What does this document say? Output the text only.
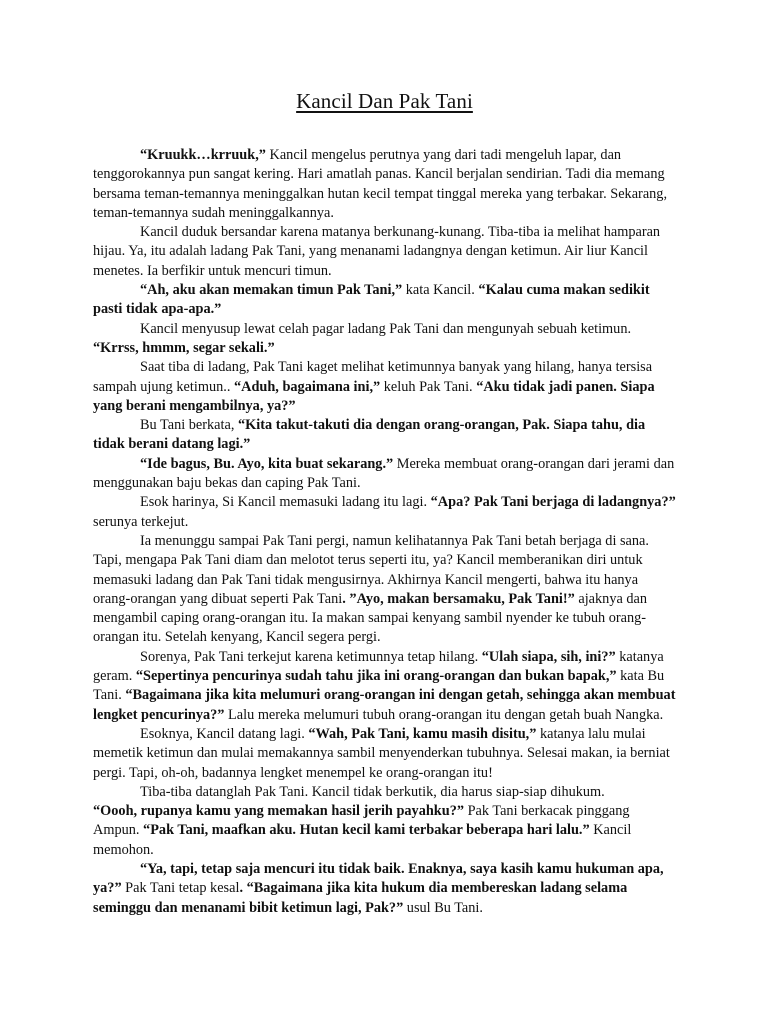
Kancil Dan Pak Tani

“Kruukk…krruuk,” Kancil mengelus perutnya yang dari tadi mengeluh lapar, dan tenggorokannya pun sangat kering. Hari amatlah panas. Kancil berjalan sendirian. Tadi dia memang bersama teman-temannya meninggalkan hutan kecil tempat tinggal mereka yang terbakar. Sekarang, teman-temannya sudah meninggalkannya.

Kancil duduk bersandar karena matanya berkunang-kunang. Tiba-tiba ia melihat hamparan hijau. Ya, itu adalah ladang Pak Tani, yang menanami ladangnya dengan ketimun. Air liur Kancil menetes. Ia berfikir untuk mencuri timun.

“Ah, aku akan memakan timun Pak Tani,” kata Kancil. “Kalau cuma makan sedikit pasti tidak apa-apa.”

Kancil menyusup lewat celah pagar ladang Pak Tani dan mengunyah sebuah ketimun. “Krrss, hmmm, segar sekali.”

Saat tiba di ladang, Pak Tani kaget melihat ketimunnya banyak yang hilang, hanya tersisa sampah ujung ketimun.. “Aduh, bagaimana ini,” keluh Pak Tani. “Aku tidak jadi panen. Siapa yang berani mengambilnya, ya?”

Bu Tani berkata, “Kita takut-takuti dia dengan orang-orangan, Pak. Siapa tahu, dia tidak berani datang lagi.”

“Ide bagus, Bu. Ayo, kita buat sekarang.” Mereka membuat orang-orangan dari jerami dan menggunakan baju bekas dan caping Pak Tani.

Esok harinya, Si Kancil memasuki ladang itu lagi. “Apa? Pak Tani berjaga di ladangnya?” serunya terkejut.

Ia menunggu sampai Pak Tani pergi, namun kelihatannya Pak Tani betah berjaga di sana. Tapi, mengapa Pak Tani diam dan melotot terus seperti itu, ya? Kancil memberanikan diri untuk memasuki ladang dan Pak Tani tidak mengusirnya. Akhirnya Kancil mengerti, bahwa itu hanya orang-orangan yang dibuat seperti Pak Tani. ”Ayo, makan bersamaku, Pak Tani!” ajaknya dan mengambil caping orang-orangan itu. Ia makan sampai kenyang sambil nyender ke tubuh orang-orangan itu. Setelah kenyang, Kancil segera pergi.

Sorenya, Pak Tani terkejut karena ketimunnya tetap hilang. “Ulah siapa, sih, ini?” katanya geram. “Sepertinya pencurinya sudah tahu jika ini orang-orangan dan bukan bapak,” kata Bu Tani. “Bagaimana jika kita melumuri orang-orangan ini dengan getah, sehingga akan membuat lengket pencurinya?” Lalu mereka melumuri tubuh orang-orangan itu dengan getah buah Nangka.

Esoknya, Kancil datang lagi. “Wah, Pak Tani, kamu masih disitu,” katanya lalu mulai memetik ketimun dan mulai memakannya sambil menyenderkan tubuhnya. Selesai makan, ia berniat pergi. Tapi, oh-oh, badannya lengket menempel ke orang-orangan itu!

Tiba-tiba datanglah Pak Tani. Kancil tidak berkutik, dia harus siap-siap dihukum.

“Oooh, rupanya kamu yang memakan hasil jerih payahku?” Pak Tani berkacak pinggang Ampun. “Pak Tani, maafkan aku. Hutan kecil kami terbakar beberapa hari lalu.” Kancil memohon.

“Ya, tapi, tetap saja mencuri itu tidak baik. Enaknya, saya kasih kamu hukuman apa, ya?” Pak Tani tetap kesal. “Bagaimana jika kita hukum dia membereskan ladang selama seminggu dan menanami bibit ketimun lagi, Pak?” usul Bu Tani.
